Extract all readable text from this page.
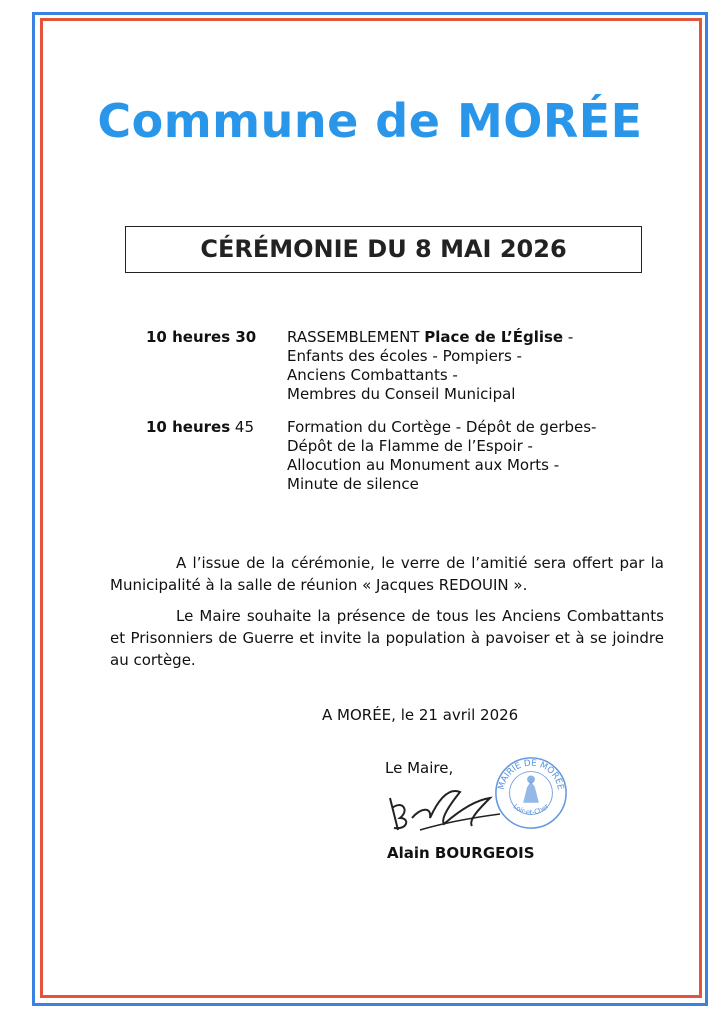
Commune de MORÉE
CÉRÉMONIE DU 8 MAI 2026
10 heures 30 RASSEMBLEMENT Place de L’Église -
Enfants des écoles - Pompiers -
Anciens Combattants -
Membres du Conseil Municipal
10 heures 45 Formation du Cortège - Dépôt de gerbes-
Dépôt de la Flamme de l’Espoir -
Allocution au Monument aux Morts -
Minute de silence
A l’issue de la cérémonie, le verre de l’amitié sera offert par la Municipalité à la salle de réunion « Jacques REDOUIN ».
Le Maire souhaite la présence de tous les Anciens Combattants et Prisonniers de Guerre et invite la population à pavoiser et à se joindre au cortège.
A MORÉE, le 21 avril 2026
Le Maire,
MAIRIE DE MORÉE
Loir-et-Cher
Alain BOURGEOIS
